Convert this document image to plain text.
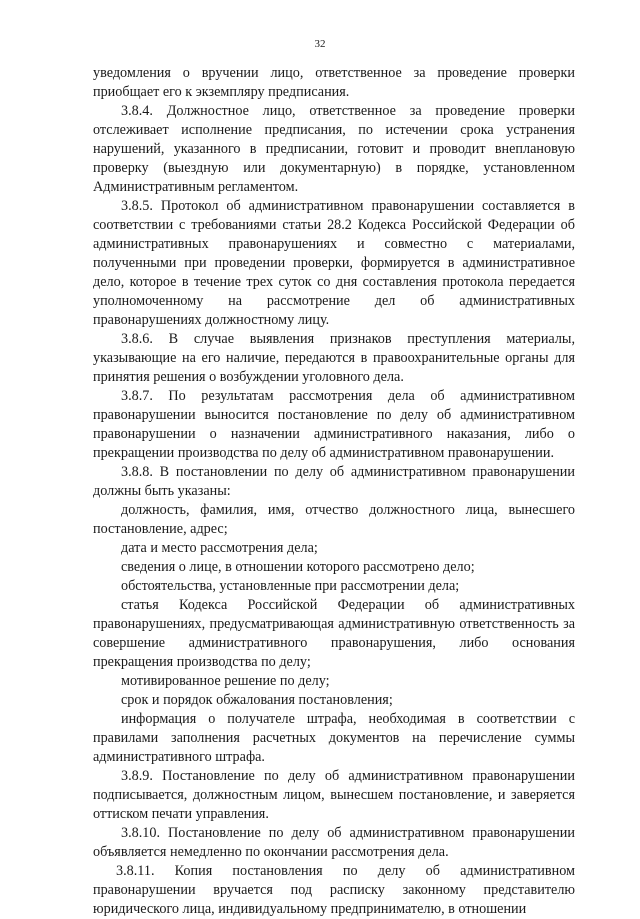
32

уведомления о вручении лицо, ответственное за проведение проверки приобщает его к экземпляру предписания.

3.8.4. Должностное лицо, ответственное за проведение проверки отслеживает исполнение предписания, по истечении срока устранения нарушений, указанного в предписании, готовит и проводит внеплановую проверку (выездную или документарную) в порядке, установленном Административным регламентом.

3.8.5. Протокол об административном правонарушении составляется в соответствии с требованиями статьи 28.2 Кодекса Российской Федерации об административных правонарушениях и совместно с материалами, полученными при проведении проверки, формируется в административное дело, которое в течение трех суток со дня составления протокола передается уполномоченному на рассмотрение дел об административных правонарушениях должностному лицу.

3.8.6. В случае выявления признаков преступления материалы, указывающие на его наличие, передаются в правоохранительные органы для принятия решения о возбуждении уголовного дела.

3.8.7. По результатам рассмотрения дела об административном правонарушении выносится постановление по делу об административном правонарушении о назначении административного наказания, либо о прекращении производства по делу об административном правонарушении.

3.8.8. В постановлении по делу об административном правонарушении должны быть указаны:

должность, фамилия, имя, отчество должностного лица, вынесшего постановление, адрес;

дата и место рассмотрения дела;

сведения о лице, в отношении которого рассмотрено дело;

обстоятельства, установленные при рассмотрении дела;

статья Кодекса Российской Федерации об административных правонарушениях, предусматривающая административную ответственность за совершение административного правонарушения, либо основания прекращения производства по делу;

мотивированное решение по делу;

срок и порядок обжалования постановления;

информация о получателе штрафа, необходимая в соответствии с правилами заполнения расчетных документов на перечисление суммы административного штрафа.

3.8.9. Постановление по делу об административном правонарушении подписывается, должностным лицом, вынесшем постановление, и заверяется оттиском печати управления.

3.8.10. Постановление по делу об административном правонарушении объявляется немедленно по окончании рассмотрения дела.

3.8.11. Копия постановления по делу об административном правонарушении вручается под расписку законному представителю юридического лица, индивидуальному предпринимателю, в отношении
